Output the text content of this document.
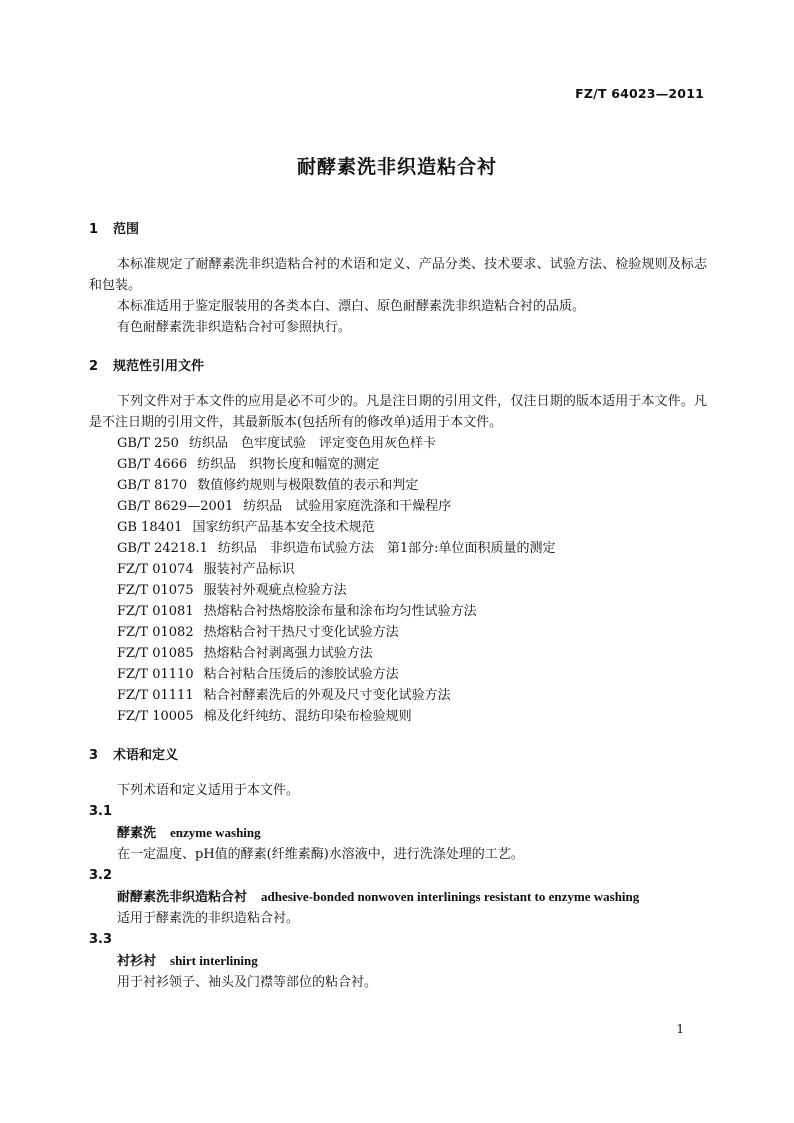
FZ/T 64023—2011
耐酵素洗非织造粘合衬
1	范围
本标准规定了耐酵素洗非织造粘合衬的术语和定义、产品分类、技术要求、试验方法、检验规则及标志和包装。
本标准适用于鉴定服装用的各类本白、漂白、原色耐酵素洗非织造粘合衬的品质。
有色耐酵素洗非织造粘合衬可参照执行。
2	规范性引用文件
下列文件对于本文件的应用是必不可少的。凡是注日期的引用文件，仅注日期的版本适用于本文件。凡是不注日期的引用文件，其最新版本(包括所有的修改单)适用于本文件。
GB/T 250 纺织品　色牢度试验　评定变色用灰色样卡
GB/T 4666 纺织品　织物长度和幅宽的测定
GB/T 8170 数值修约规则与极限数值的表示和判定
GB/T 8629—2001 纺织品　试验用家庭洗涤和干燥程序
GB 18401 国家纺织产品基本安全技术规范
GB/T 24218.1 纺织品　非织造布试验方法　第1部分:单位面积质量的测定
FZ/T 01074 服装衬产品标识
FZ/T 01075 服装衬外观疵点检验方法
FZ/T 01081 热熔粘合衬热熔胶涂布量和涂布均匀性试验方法
FZ/T 01082 热熔粘合衬干热尺寸变化试验方法
FZ/T 01085 热熔粘合衬剥离强力试验方法
FZ/T 01110 粘合衬粘合压烫后的渗胶试验方法
FZ/T 01111 粘合衬酵素洗后的外观及尺寸变化试验方法
FZ/T 10005 棉及化纤纯纺、混纺印染布检验规则
3	术语和定义
下列术语和定义适用于本文件。
3.1
酵素洗 enzyme washing
在一定温度、pH值的酵素(纤维素酶)水溶液中，进行洗涤处理的工艺。
3.2
耐酵素洗非织造粘合衬 adhesive-bonded nonwoven interlinings resistant to enzyme washing
适用于酵素洗的非织造粘合衬。
3.3
衬衫衬 shirt interlining
用于衬衫领子、袖头及门襟等部位的粘合衬。
1
